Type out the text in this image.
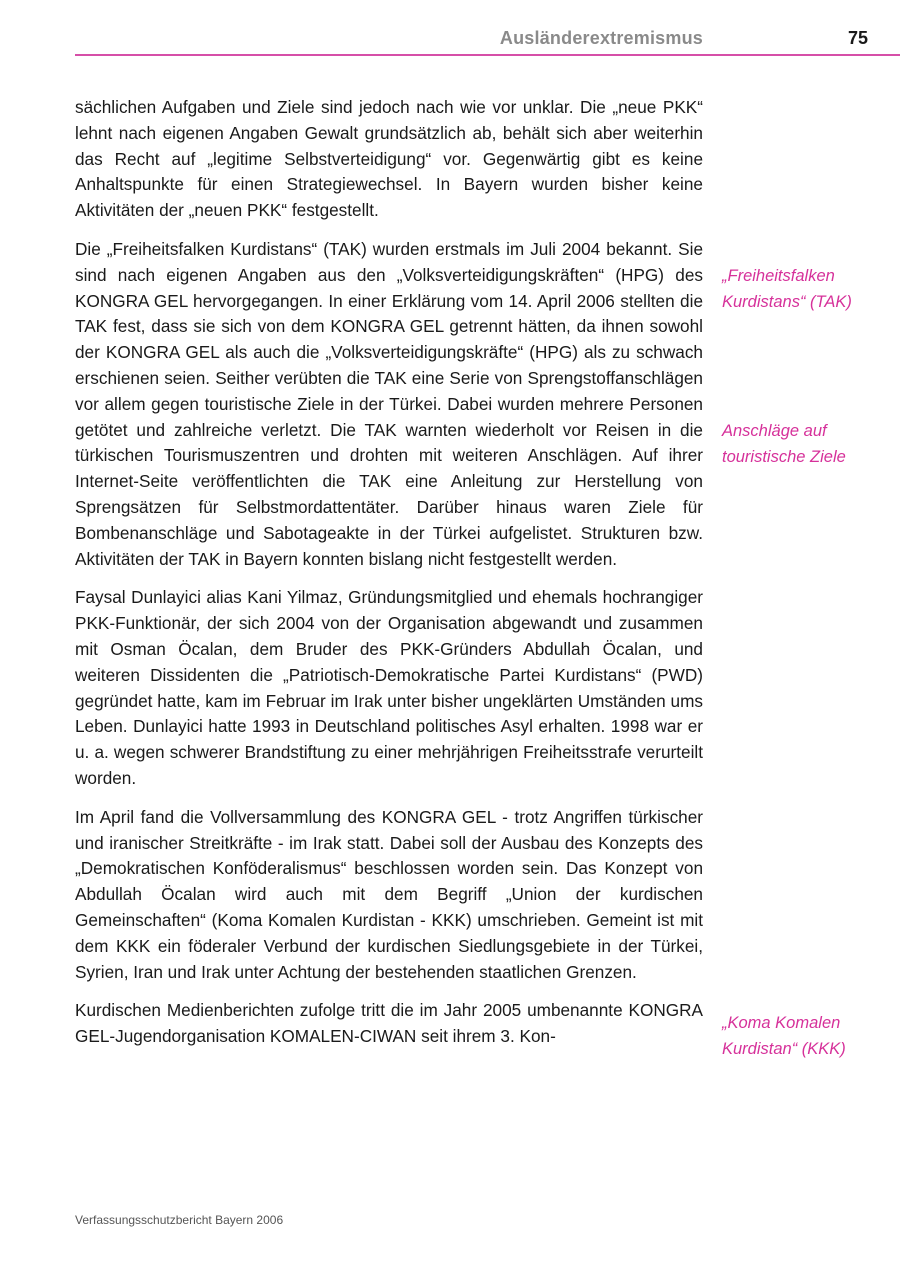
Ausländerextremismus	75

sächlichen Aufgaben und Ziele sind jedoch nach wie vor unklar. Die „neue PKK“ lehnt nach eigenen Angaben Gewalt grundsätzlich ab, behält sich aber weiterhin das Recht auf „legitime Selbstverteidigung“ vor. Gegenwärtig gibt es keine Anhaltspunkte für einen Strategiewechsel. In Bayern wurden bisher keine Aktivitäten der „neuen PKK“ festgestellt.

Die „Freiheitsfalken Kurdistans“ (TAK) wurden erstmals im Juli 2004 bekannt. Sie sind nach eigenen Angaben aus den „Volksverteidigungskräften“ (HPG) des KONGRA GEL hervorgegangen. In einer Erklärung vom 14. April 2006 stellten die TAK fest, dass sie sich von dem KONGRA GEL getrennt hätten, da ihnen sowohl der KONGRA GEL als auch die „Volksverteidigungskräfte“ (HPG) als zu schwach erschienen seien. Seither verübten die TAK eine Serie von Sprengstoffanschlägen vor allem gegen touristische Ziele in der Türkei. Dabei wurden mehrere Personen getötet und zahlreiche verletzt. Die TAK warnten wiederholt vor Reisen in die türkischen Tourismuszentren und drohten mit weiteren Anschlägen. Auf ihrer Internet-Seite veröffentlichten die TAK eine Anleitung zur Herstellung von Sprengsätzen für Selbstmordattentäter. Darüber hinaus waren Ziele für Bombenanschläge und Sabotageakte in der Türkei aufgelistet. Strukturen bzw. Aktivitäten der TAK in Bayern konnten bislang nicht festgestellt werden.

Faysal Dunlayici alias Kani Yilmaz, Gründungsmitglied und ehemals hochrangiger PKK-Funktionär, der sich 2004 von der Organisation abgewandt und zusammen mit Osman Öcalan, dem Bruder des PKK-Gründers Abdullah Öcalan, und weiteren Dissidenten die „Patriotisch-Demokratische Partei Kurdistans“ (PWD) gegründet hatte, kam im Februar im Irak unter bisher ungeklärten Umständen ums Leben. Dunlayici hatte 1993 in Deutschland politisches Asyl erhalten. 1998 war er u. a. wegen schwerer Brandstiftung zu einer mehrjährigen Freiheitsstrafe verurteilt worden.

Im April fand die Vollversammlung des KONGRA GEL - trotz Angriffen türkischer und iranischer Streitkräfte - im Irak statt. Dabei soll der Ausbau des Konzepts des „Demokratischen Konföderalismus“ beschlossen worden sein. Das Konzept von Abdullah Öcalan wird auch mit dem Begriff „Union der kurdischen Gemeinschaften“ (Koma Komalen Kurdistan - KKK) umschrieben. Gemeint ist mit dem KKK ein föderaler Verbund der kurdischen Siedlungsgebiete in der Türkei, Syrien, Iran und Irak unter Achtung der bestehenden staatlichen Grenzen.

Kurdischen Medienberichten zufolge tritt die im Jahr 2005 umbenannte KONGRA GEL-Jugendorganisation KOMALEN-CIWAN seit ihrem 3. Kon-

„Freiheitsfalken Kurdistans“ (TAK)
Anschläge auf touristische Ziele
„Koma Komalen Kurdistan“ (KKK)
Verfassungsschutzbericht Bayern 2006
